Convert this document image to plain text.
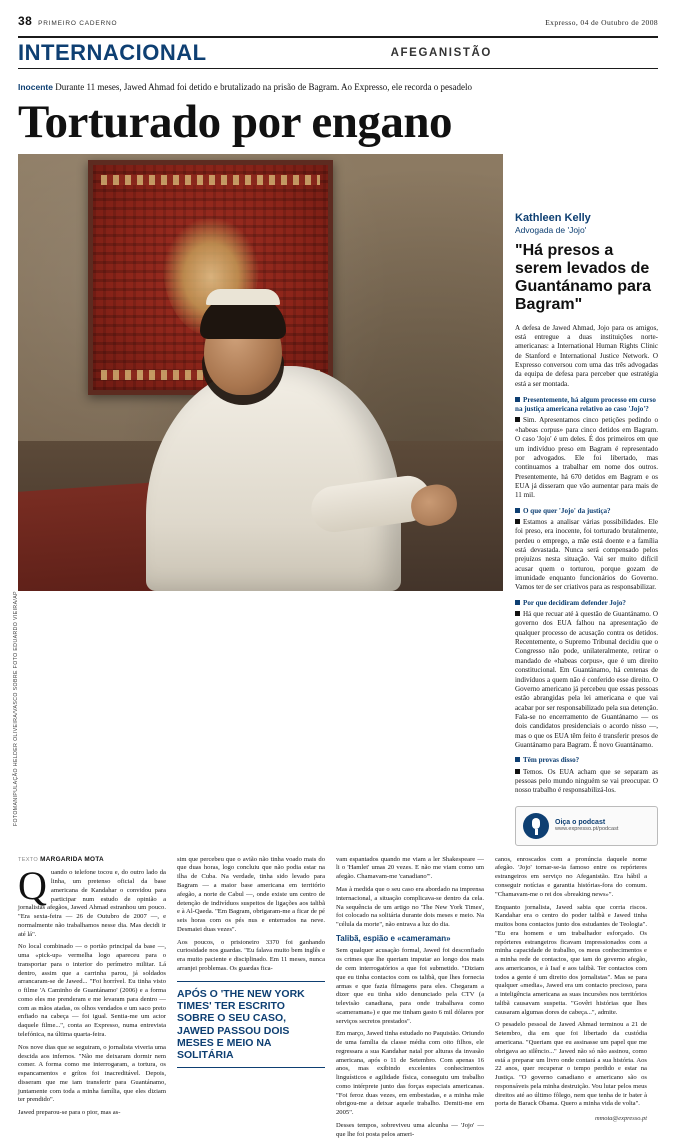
38 PRIMEIRO CADERNO	Expresso, 04 de Outubro de 2008
INTERNACIONAL	AFEGANISTÃO
Inocente Durante 11 meses, Jawed Ahmad foi detido e brutalizado na prisão de Bagram. Ao Expresso, ele recorda o pesadelo
Torturado por engano
FOTOMANIPULAÇÃO HELDER OLIVEIRA/VASCO SOBRE FOTO EDUARDO VIEIRA/AP
Kathleen Kelly
Advogada de 'Jojo'
"Há presos a serem levados de Guantánamo para Bagram"
A defesa de Jawed Ahmad, Jojo para os amigos, está entregue a duas instituições norte-americanas: a International Human Rights Clinic de Stanford e International Justice Network. O Expresso conversou com uma das três advogadas da equipa de defesa para perceber que estratégia está a ser montada.
Presentemente, há algum processo em curso na justiça americana relativo ao caso 'Jojo'?
Sim. Apresentamos cinco petições pedindo o «habeas corpus» para cinco detidos em Bagram. O caso 'Jojo' é um deles. É dos primeiros em que um indivíduo preso em Bagram é representado por advogados. Ele foi libertado, mas continuamos a trabalhar em nome dos outros. Presentemente, há 670 detidos em Bagram e os EUA já disseram que vão aumentar para mais de 11 mil.
O que quer 'Jojo' da justiça?
Estamos a analisar várias possibilidades. Ele foi preso, era inocente, foi torturado brutalmente, perdeu o emprego, a mãe está doente e a família está devastada. Nunca será compensado pelos prejuízos nesta situação. Vai ser muito difícil acusar quem o torturou, porque gozam de imunidade enquanto funcionários do Governo. Vamos ter de ser criativos para as responsabilizar.
Por que decidiram defender Jojo?
Há que recuar até à questão de Guantánamo. O governo dos EUA falhou na apresentação de qualquer processo de acusação contra os detidos. Recentemente, o Supremo Tribunal decidiu que o Congresso não pode, unilateralmente, retirar o mandado de «habeas corpus», que é um direito constitucional. Em Guantánamo, há centenas de indivíduos a quem não é conferido esse direito. O Governo americano já percebeu que essas pessoas estão abrangidas pela lei americana e que vai acabar por ser responsabilizado pela sua detenção. Fala-se no encerramento de Guantánamo — os dois candidatos presidenciais o acordo nisso —, mas o que os EUA têm feito é transferir presos de Guantánamo para Bagram. É novo Guantánamo.
Têm provas disso?
Temos. Os EUA acham que se separam as pessoas pelo mundo ninguém se vai preocupar. O nosso trabalho é responsabilizá-los.
Oiça o podcast
www.expresso.pt/podcast
TEXTO MARGARIDA MOTA

Quando o telefone tocou e, do outro lado da linha, um pretenso oficial da base americana de Kandahar o convidou para participar num estudo de opinião a jornalistas afegãos, Jawed Ahmad estranhou um pouco. "Era sexta-feira — 26 de Outubro de 2007 —, e normalmente não trabalhamos nesse dia. Mas decidi ir até lá".

No local combinado — o portão principal da base —, uma «pick-up» vermelha logo apareceu para o transportar para o interior do perímetro militar. Lá dentro, assim que a carrinha parou, já soldados arrancaram-se de Jawed... "Foi horrível. Eu tinha visto o filme 'A Caminho de Guantánamo' (2006) e a forma como eles me prenderam e me levaram para dentro — com as mãos atadas, os olhos vendados e um saco preto enfiado na cabeça — foi igual. Sentia-me um actor daquele filme...", conta ao Expresso, numa entrevista telefónica, na última quarta-feira.

Nos nove dias que se seguiram, o jornalista viveria uma descida aos infernos. "Não me deixaram dormir nem comer. A forma como me interrogaram, a tortura, os espancamentos e grítos foi inacreditável. Depois, disseram que me iam transferir para Guantánamo, juntamente com toda a minha família, que eles diziam ter prendido".

Jawed preparou-se para o pior, mas as-

sim que percebeu que o avião não tinha voado mais do que duas horas, logo concluiu que não podia estar na ilha de Cuba. Na verdade, tinha sido levado para Bagram — a maior base americana em território afegão, a norte de Cabul —, onde existe um centro de detenção de indivíduos suspeitos de ligações aos talibã e à Al-Qaeda. "Em Bagram, obrigaram-me a ficar de pé seis horas com os pés nus e enterrados na neve. Desmaiei duas vezes".

Aos poucos, o prisioneiro 3370 foi ganhando curiosidade nos guardas. "Eu falava muito bem inglês e era muito paciente e disciplinado. Em 11 meses, nunca arranjei problemas. Os guardas fica-

APÓS O 'THE NEW YORK TIMES' TER ESCRITO SOBRE O SEU CASO, JAWED PASSOU DOIS MESES E MEIO NA SOLITÁRIA

vam espantados quando me viam a ler Shakespeare — li o 'Hamlet' umas 20 vezes. E não me viam como um afegão. Chamavam-me 'canadiano'".

Mas à medida que o seu caso era abordado na imprensa internacional, a situação complicava-se dentro da cela. Na sequência de um artigo no 'The New York Times', foi colocado na solitária durante dois meses e meio. Na "célula da morte", não entrava a luz do dia.

Talibã, espião e «cameraman»

Sem qualquer acusação formal, Jawed foi desconfiado os crimes que lhe queriam imputar ao longo dos mais de cem interrogatórios a que foi submetido. "Diziam que eu tinha contactos com os talibã, que lhes fornecia armas e que fazia filmagens para eles. Chegaram a dizer que eu tinha sido denunciado pela CTV (a televisão canadiana, para onde trabalhava como «cameraman») e que me tinham gasto 6 mil dólares por serviços secretos prestados".

Em março, Jawed tinha estudado no Paquistão. Oriundo de uma família da classe média com oito filhos, ele regressara a sua Kandahar natal por alturas da invasão americana, após o 11 de Setembro. Com apenas 16 anos, mas exibindo excelentes conhecimentos linguísticos e agilidade física, conseguiu um trabalho como intérprete junto das forças especiais americanas. "Foi feroz duas vezes, em embestadas, e a minha mãe obrigou-me a deixar aquele trabalho. Demiti-me em 2005".

Desses tempos, sobreviveu uma alcunha — 'Jojo' — que lhe foi posta pelos ameri-

canos, enroscados com a pronúncia daquele nome afegão. 'Jojo' tornar-se-ia famoso entre os repórteres estrangeiros em serviço no Afeganistão. Era hábil a conseguir notícias e garantia histórias-fora do comum. "Chamavam-me o rei dos «breaking news»".

Enquanto jornalista, Jawed sabia que corria riscos. Kandahar era o centro do poder talibã e Jawed tinha muitos bons contactos junto dos estudantes de Teologia". "Eu era homem e um trabalhador esforçado. Os repórteres estrangeiros ficavam impressionados com a minha capacidade de trabalho, os meus conhecimentos e a minha rede de contactos, que iam do governo afegão, aos americanos, e à Isaf e aos talibã. Ter contactos com todos a gente é um direito dos jornalistas". Mas se para qualquer «media», Jawed era um contacto precioso, para a inteligência americana as suas incursões nos territórios talibã causavam suspeita. "Govêri histórias que lhes causaram algumas dores de cabeça...", admite.

O pesadelo pessoal de Jawed Ahmad terminou a 21 de Setembro, dia em que foi libertado da custódia americana. "Queriam que eu assinasse um papel que me obrigava ao silêncio..." Jawed não só não assinou, como está a preparar um livro onde contará a sua história. Aos 22 anos, quer recuperar o tempo perdido e estar na Justiça. "O governo canadiano e americano são os responsáveis pela minha destruição. Vou lutar pelos meus direitos até ao último fôlego, nem que tenha de ir bater à porta de Barack Obama. Quero a minha vida de volta".

mmota@expresso.pt
